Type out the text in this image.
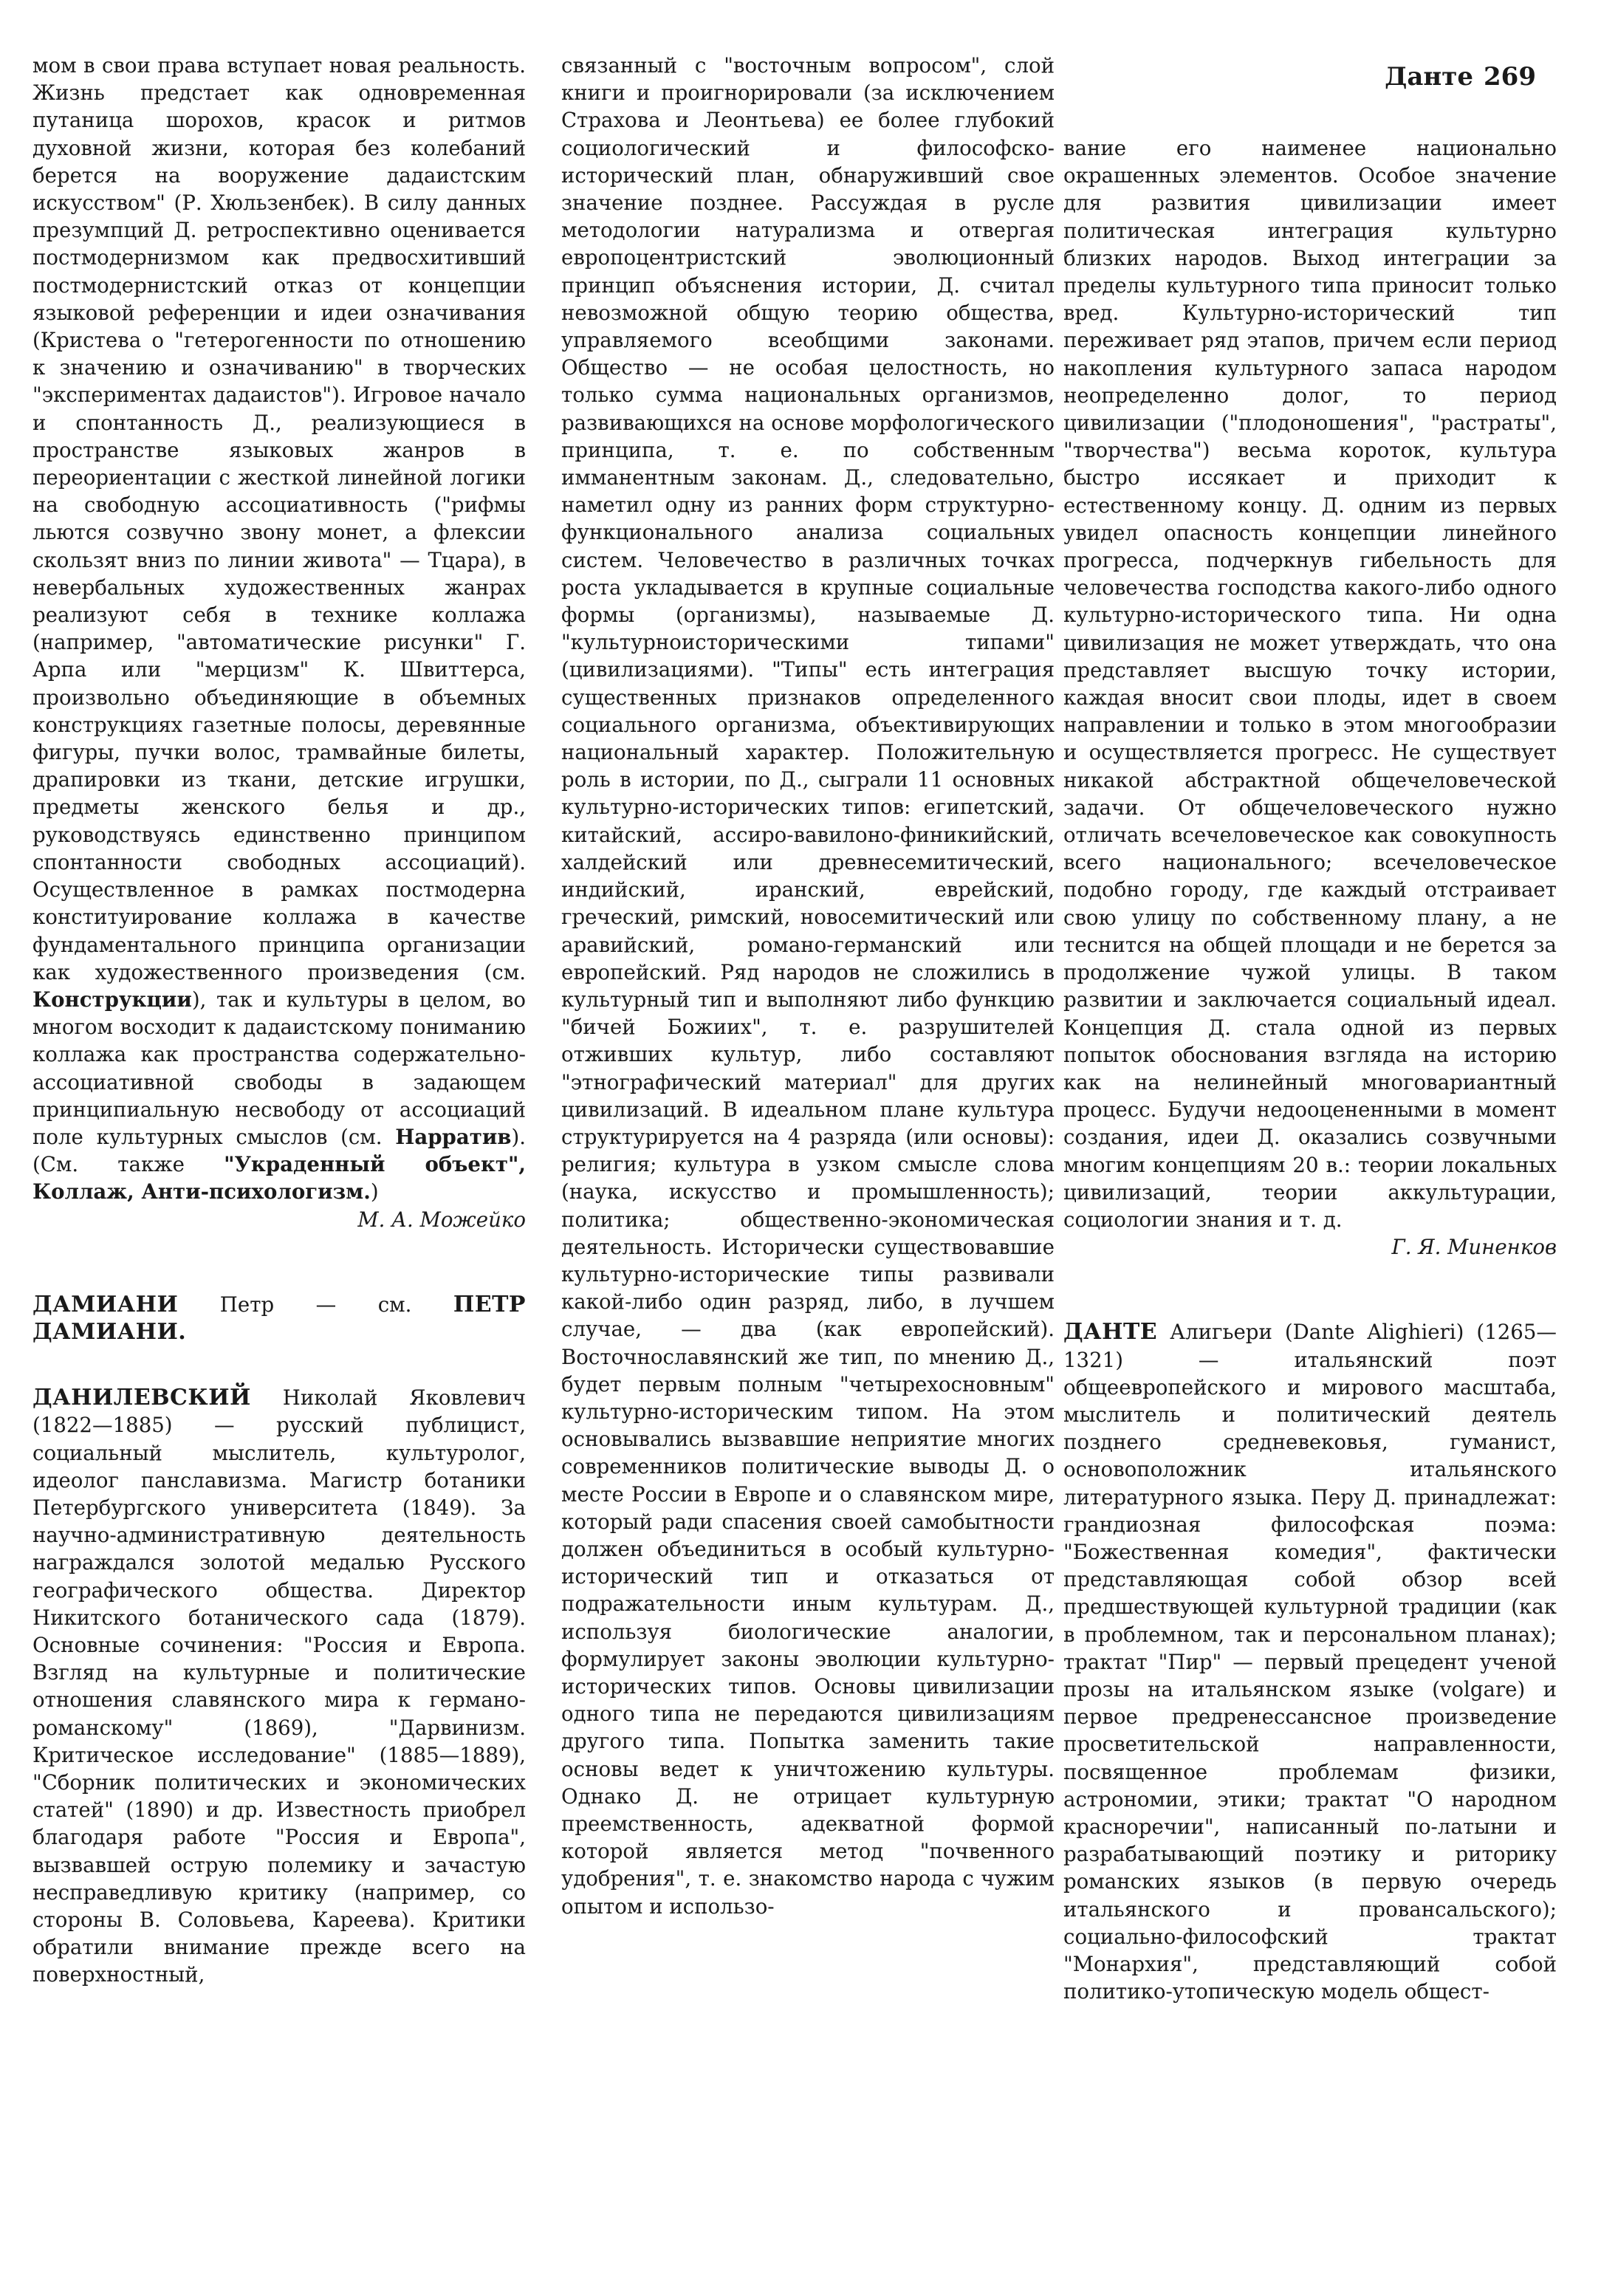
Данте 269

мом в свои права вступает новая реальность. Жизнь предстает как одновременная путаница шорохов, красок и ритмов духовной жизни, которая без колебаний берется на вооружение дадаистским искусством" (Р. Хюльзенбек). В силу данных презумпций Д. ретроспективно оценивается постмодернизмом как предвосхитивший постмодернистский отказ от концепции языковой референции и идеи означивания (Кристева о "гетерогенности по отношению к значению и означиванию" в творческих "экспериментах дадаистов"). Игровое начало и спонтанность Д., реализующиеся в пространстве языковых жанров в переориентации с жесткой линейной логики на свободную ассоциативность ("рифмы льются созвучно звону монет, а флексии скользят вниз по линии живота" — Тцара), в невербальных художественных жанрах реализуют себя в технике коллажа (например, "автоматические рисунки" Г. Арпа или "мерцизм" К. Швиттерса, произвольно объединяющие в объемных конструкциях газетные полосы, деревянные фигуры, пучки волос, трамвайные билеты, драпировки из ткани, детские игрушки, предметы женского белья и др., руководствуясь единственно принципом спонтанности свободных ассоциаций). Осуществленное в рамках постмодерна конституирование коллажа в качестве фундаментального принципа организации как художественного произведения (см. Конструкции), так и культуры в целом, во многом восходит к дадаистскому пониманию коллажа как пространства содержательно-ассоциативной свободы в задающем принципиальную несвободу от ассоциаций поле культурных смыслов (см. Нарратив). (См. также "Украденный объект", Коллаж, Анти-психологизм.)

М. А. Можейко

ДАМИАНИ Петр — см. ПЕТР ДАМИАНИ.

ДАНИЛЕВСКИЙ Николай Яковлевич (1822—1885) — русский публицист, социальный мыслитель, культуролог, идеолог панславизма. Магистр ботаники Петербургского университета (1849). За научно-административную деятельность награждался золотой медалью Русского географического общества. Директор Никитского ботанического сада (1879). Основные сочинения: "Россия и Европа. Взгляд на культурные и политические отношения славянского мира к германо-романскому" (1869), "Дарвинизм. Критическое исследование" (1885—1889), "Сборник политических и экономических статей" (1890) и др. Известность приобрел благодаря работе "Россия и Европа", вызвавшей острую полемику и зачастую несправедливую критику (например, со стороны В. Соловьева, Кареева). Критики обратили внимание прежде всего на поверхностный,

связанный с "восточным вопросом", слой книги и проигнорировали (за исключением Страхова и Леонтьева) ее более глубокий социологический и философско-исторический план, обнаруживший свое значение позднее. Рассуждая в русле методологии натурализма и отвергая европоцентристский эволюционный принцип объяснения истории, Д. считал невозможной общую теорию общества, управляемого всеобщими законами. Общество — не особая целостность, но только сумма национальных организмов, развивающихся на основе морфологического принципа, т. е. по собственным имманентным законам. Д., следовательно, наметил одну из ранних форм структурно-функционального анализа социальных систем. Человечество в различных точках роста укладывается в крупные социальные формы (организмы), называемые Д. "культурноисторическими типами" (цивилизациями). "Типы" есть интеграция существенных признаков определенного социального организма, объективирующих национальный характер. Положительную роль в истории, по Д., сыграли 11 основных культурно-исторических типов: египетский, китайский, ассиро-вавилоно-финикийский, халдейский или древнесемитический, индийский, иранский, еврейский, греческий, римский, новосемитический или аравийский, романо-германский или европейский. Ряд народов не сложились в культурный тип и выполняют либо функцию "бичей Божиих", т. е. разрушителей отживших культур, либо составляют "этнографический материал" для других цивилизаций. В идеальном плане культура структурируется на 4 разряда (или основы): религия; культура в узком смысле слова (наука, искусство и промышленность); политика; общественно-экономическая деятельность. Исторически существовавшие культурно-исторические типы развивали какой-либо один разряд, либо, в лучшем случае, — два (как европейский). Восточнославянский же тип, по мнению Д., будет первым полным "четырехосновным" культурно-историческим типом. На этом основывались вызвавшие неприятие многих современников политические выводы Д. о месте России в Европе и о славянском мире, который ради спасения своей самобытности должен объединиться в особый культурно-исторический тип и отказаться от подражательности иным культурам. Д., используя биологические аналогии, формулирует законы эволюции культурно-исторических типов. Основы цивилизации одного типа не передаются цивилизациям другого типа. Попытка заменить такие основы ведет к уничтожению культуры. Однако Д. не отрицает культурную преемственность, адекватной формой которой является метод "почвенного удобрения", т. е. знакомство народа с чужим опытом и использо-

вание его наименее национально окрашенных элементов. Особое значение для развития цивилизации имеет политическая интеграция культурно близких народов. Выход интеграции за пределы культурного типа приносит только вред. Культурно-исторический тип переживает ряд этапов, причем если период накопления культурного запаса народом неопределенно долог, то период цивилизации ("плодоношения", "растраты", "творчества") весьма короток, культура быстро иссякает и приходит к естественному концу. Д. одним из первых увидел опасность концепции линейного прогресса, подчеркнув гибельность для человечества господства какого-либо одного культурно-исторического типа. Ни одна цивилизация не может утверждать, что она представляет высшую точку истории, каждая вносит свои плоды, идет в своем направлении и только в этом многообразии и осуществляется прогресс. Не существует никакой абстрактной общечеловеческой задачи. От общечеловеческого нужно отличать всечеловеческое как совокупность всего национального; всечеловеческое подобно городу, где каждый отстраивает свою улицу по собственному плану, а не теснится на общей площади и не берется за продолжение чужой улицы. В таком развитии и заключается социальный идеал. Концепция Д. стала одной из первых попыток обоснования взгляда на историю как на нелинейный многовариантный процесс. Будучи недооцененными в момент создания, идеи Д. оказались созвучными многим концепциям 20 в.: теории локальных цивилизаций, теории аккультурации, социологии знания и т. д.

Г. Я. Миненков

ДАНТЕ Алигьери (Dante Alighieri) (1265—1321) — итальянский поэт общеевропейского и мирового масштаба, мыслитель и политический деятель позднего средневековья, гуманист, основоположник итальянского литературного языка. Перу Д. принадлежат: грандиозная философская поэма: "Божественная комедия", фактически представляющая собой обзор всей предшествующей культурной традиции (как в проблемном, так и персональном планах); трактат "Пир" — первый прецедент ученой прозы на итальянском языке (volgare) и первое предренессансное произведение просветительской направленности, посвященное проблемам физики, астрономии, этики; трактат "О народном красноречии", написанный по-латыни и разрабатывающий поэтику и риторику романских языков (в первую очередь итальянского и провансальского); социально-философский трактат "Монархия", представляющий собой политико-утопическую модель общест-
